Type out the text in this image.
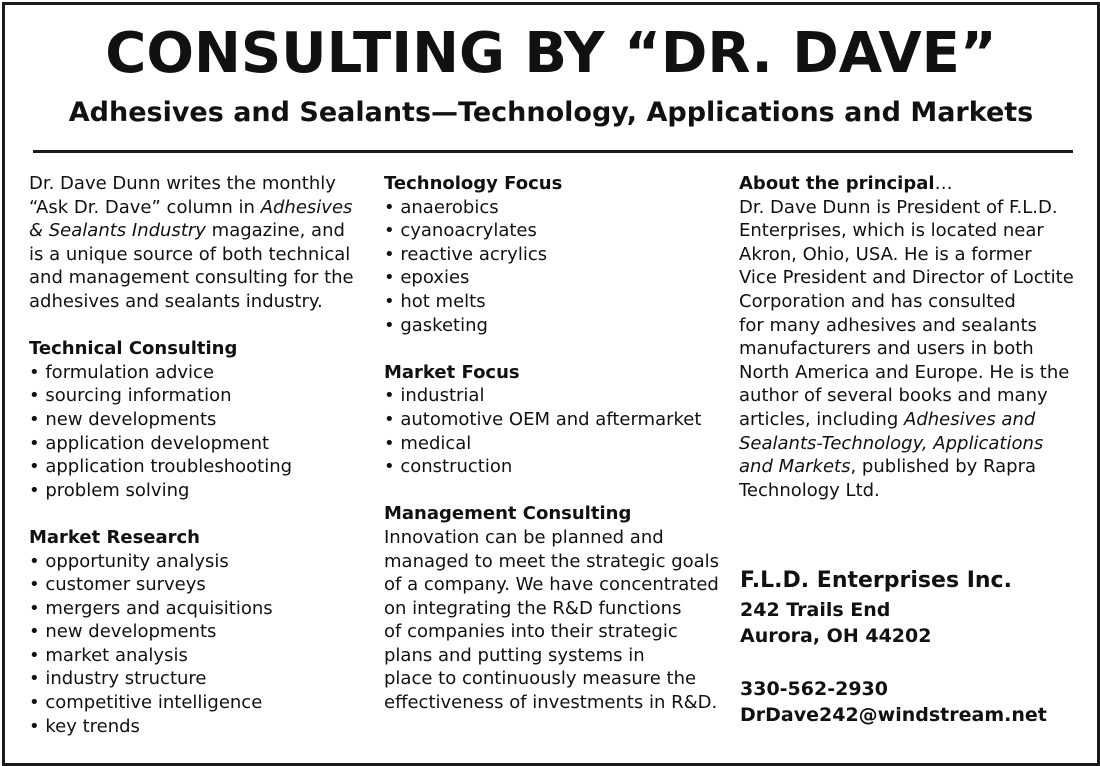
CONSULTING BY “DR. DAVE”
Adhesives and Sealants—Technology, Applications and Markets
Dr. Dave Dunn writes the monthly
“Ask Dr. Dave” column in Adhesives
& Sealants Industry magazine, and
is a unique source of both technical
and management consulting for the
adhesives and sealants industry.
Technical Consulting
• formulation advice
• sourcing information
• new developments
• application development
• application troubleshooting
• problem solving
Market Research
• opportunity analysis
• customer surveys
• mergers and acquisitions
• new developments
• market analysis
• industry structure
• competitive intelligence
• key trends
Technology Focus
• anaerobics
• cyanoacrylates
• reactive acrylics
• epoxies
• hot melts
• gasketing
Market Focus
• industrial
• automotive OEM and aftermarket
• medical
• construction
Management Consulting
Innovation can be planned and
managed to meet the strategic goals
of a company. We have concentrated
on integrating the R&D functions
of companies into their strategic
plans and putting systems in
place to continuously measure the
effectiveness of investments in R&D.
About the principal…
Dr. Dave Dunn is President of F.L.D.
Enterprises, which is located near
Akron, Ohio, USA. He is a former
Vice President and Director of Loctite
Corporation and has consulted
for many adhesives and sealants
manufacturers and users in both
North America and Europe. He is the
author of several books and many
articles, including Adhesives and
Sealants-Technology, Applications
and Markets, published by Rapra
Technology Ltd.
F.L.D. Enterprises Inc.
242 Trails End
Aurora, OH 44202
330-562-2930
DrDave242@windstream.net
